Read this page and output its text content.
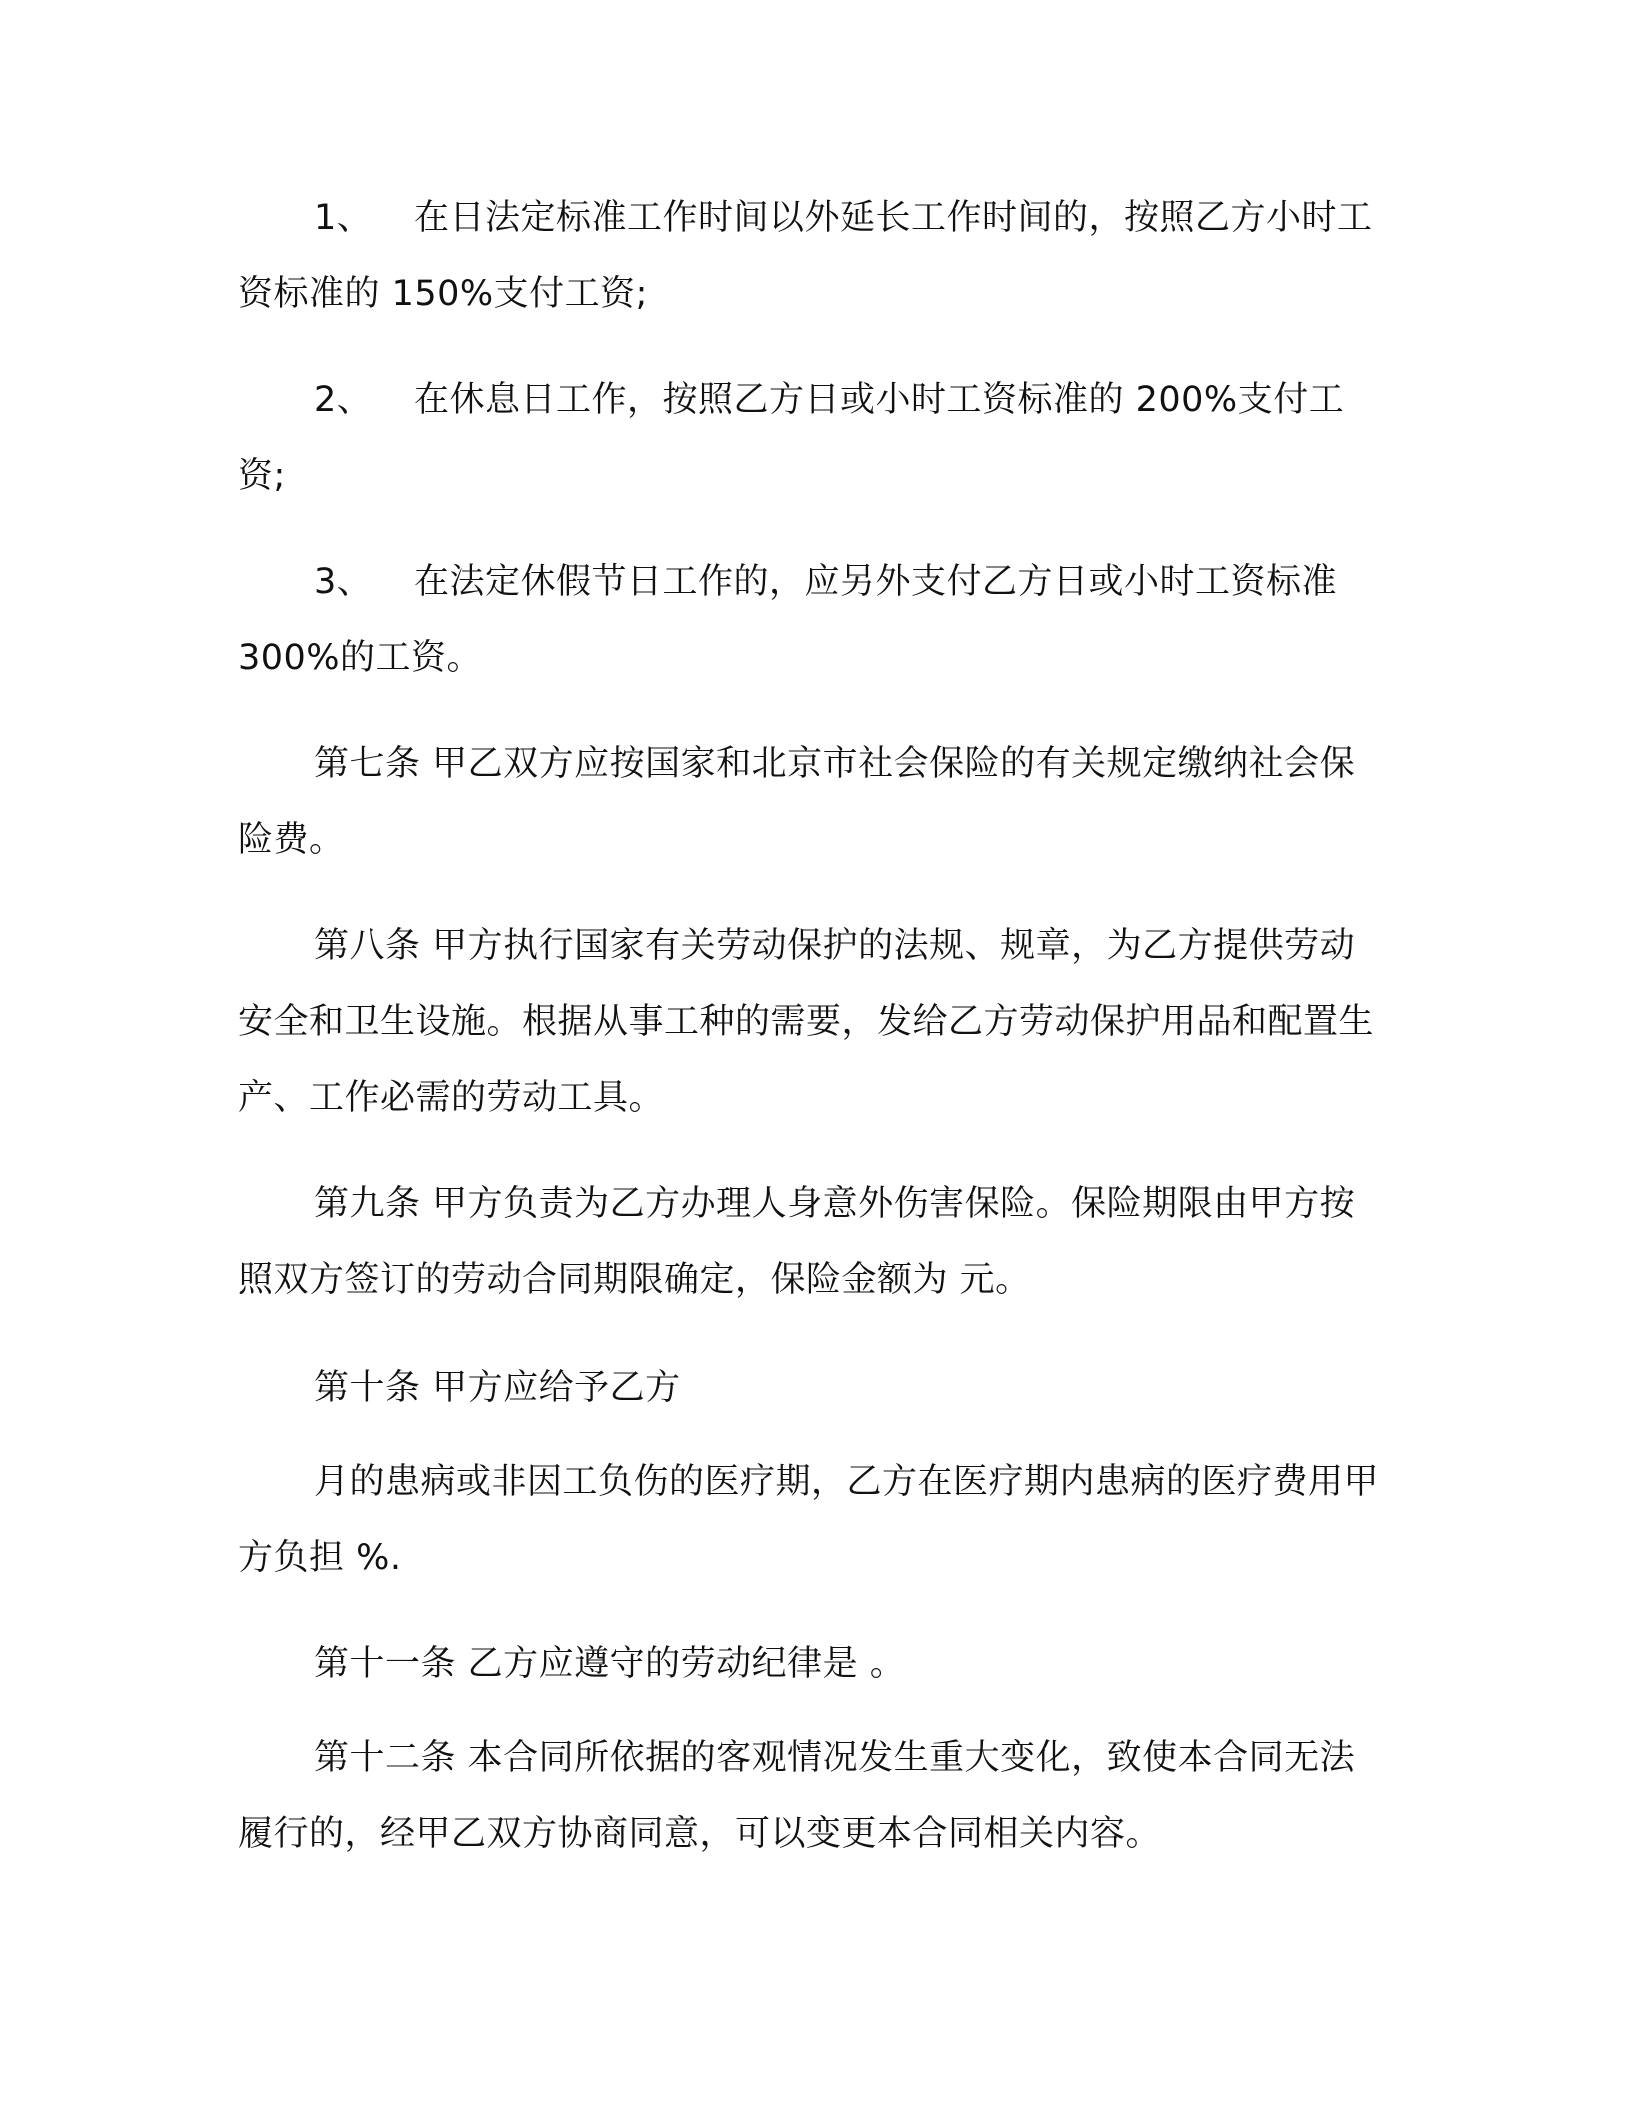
1、 在日法定标准工作时间以外延长工作时间的，按照乙方小时工资标准的 150%支付工资;

2、 在休息日工作，按照乙方日或小时工资标准的 200%支付工资;

3、 在法定休假节日工作的，应另外支付乙方日或小时工资标准 300%的工资。

第七条 甲乙双方应按国家和北京市社会保险的有关规定缴纳社会保险费。

第八条 甲方执行国家有关劳动保护的法规、规章，为乙方提供劳动安全和卫生设施。根据从事工种的需要，发给乙方劳动保护用品和配置生产、工作必需的劳动工具。

第九条 甲方负责为乙方办理人身意外伤害保险。保险期限由甲方按照双方签订的劳动合同期限确定，保险金额为 元。

第十条 甲方应给予乙方

月的患病或非因工负伤的医疗期，乙方在医疗期内患病的医疗费用甲方负担 %.

第十一条 乙方应遵守的劳动纪律是 。

第十二条 本合同所依据的客观情况发生重大变化，致使本合同无法履行的，经甲乙双方协商同意，可以变更本合同相关内容。
